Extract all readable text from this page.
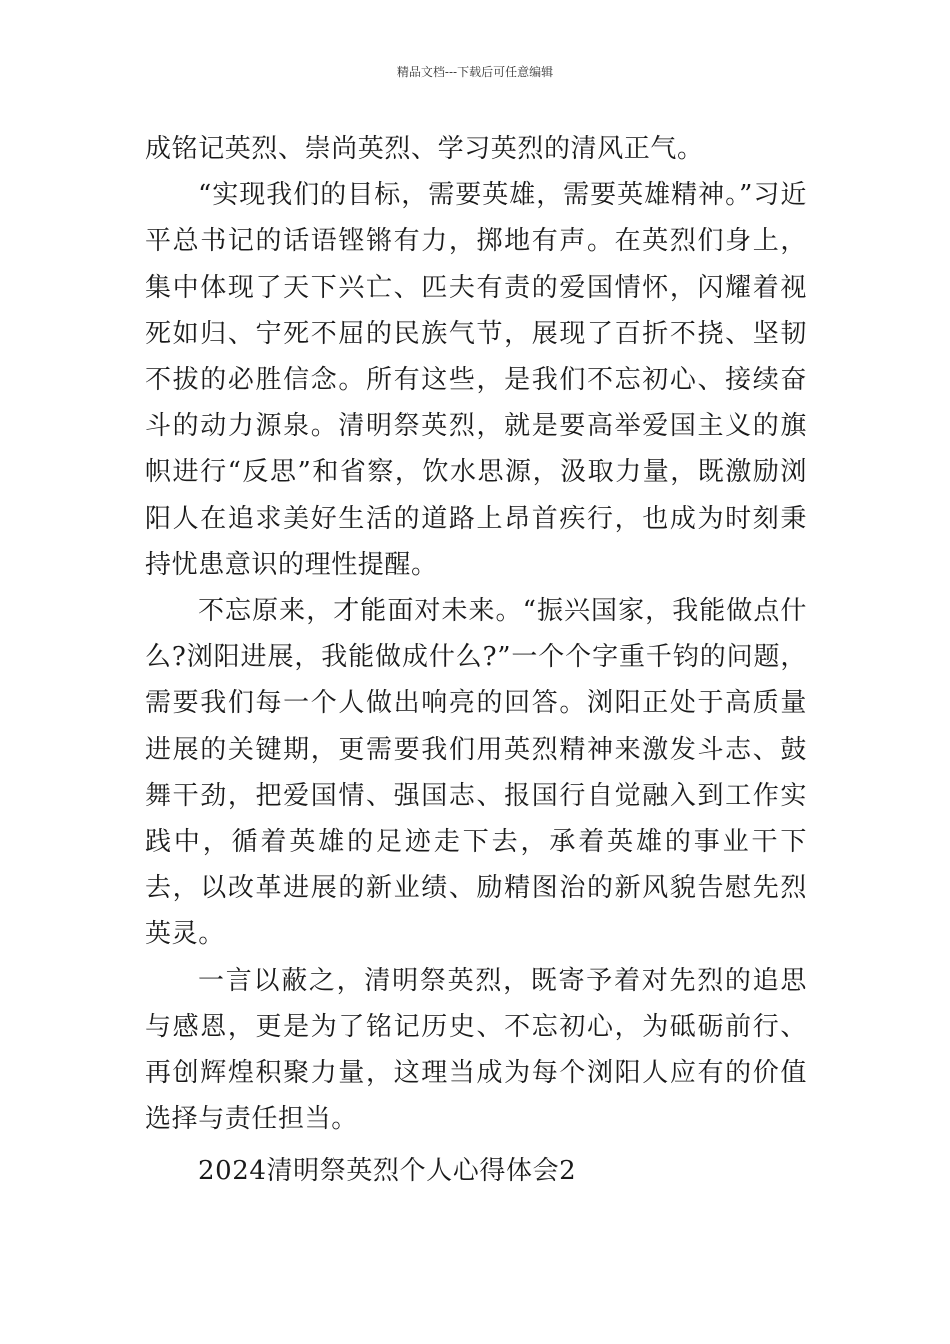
精品文档---下载后可任意编辑

成铭记英烈、崇尚英烈、学习英烈的清风正气。

“实现我们的目标，需要英雄，需要英雄精神。”习近平总书记的话语铿锵有力，掷地有声。在英烈们身上，集中体现了天下兴亡、匹夫有责的爱国情怀，闪耀着视死如归、宁死不屈的民族气节，展现了百折不挠、坚韧不拔的必胜信念。所有这些，是我们不忘初心、接续奋斗的动力源泉。清明祭英烈，就是要高举爱国主义的旗帜进行“反思”和省察，饮水思源，汲取力量，既激励浏阳人在追求美好生活的道路上昂首疾行，也成为时刻秉持忧患意识的理性提醒。

不忘原来，才能面对未来。“振兴国家，我能做点什么?浏阳进展，我能做成什么?”一个个字重千钧的问题，需要我们每一个人做出响亮的回答。浏阳正处于高质量进展的关键期，更需要我们用英烈精神来激发斗志、鼓舞干劲，把爱国情、强国志、报国行自觉融入到工作实践中，循着英雄的足迹走下去，承着英雄的事业干下去，以改革进展的新业绩、励精图治的新风貌告慰先烈英灵。

一言以蔽之，清明祭英烈，既寄予着对先烈的追思与感恩，更是为了铭记历史、不忘初心，为砥砺前行、再创辉煌积聚力量，这理当成为每个浏阳人应有的价值选择与责任担当。

2024清明祭英烈个人心得体会2
